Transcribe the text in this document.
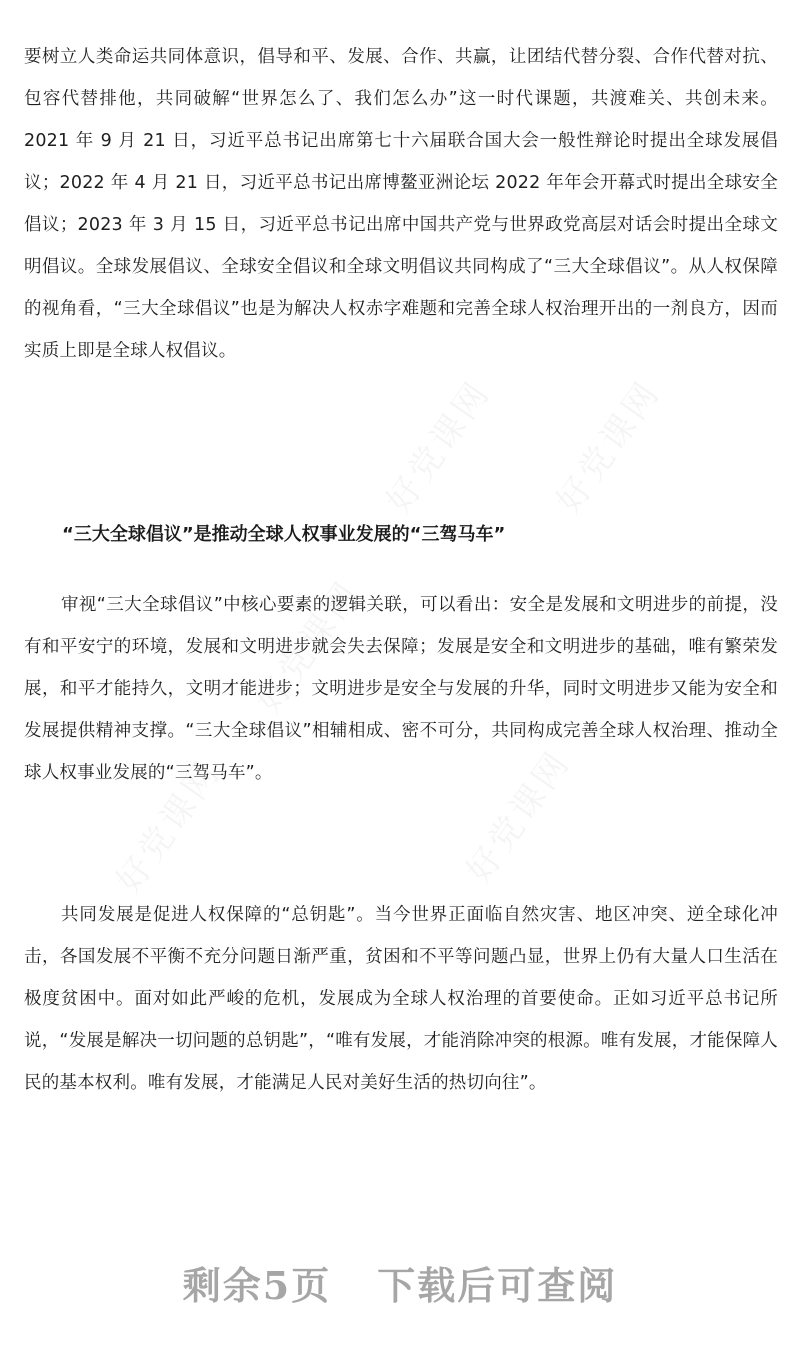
要树立人类命运共同体意识，倡导和平、发展、合作、共赢，让团结代替分裂、合作代替对抗、包容代替排他，共同破解“世界怎么了、我们怎么办”这一时代课题，共渡难关、共创未来。2021 年 9 月 21 日，习近平总书记出席第七十六届联合国大会一般性辩论时提出全球发展倡议；2022 年 4 月 21 日，习近平总书记出席博鳌亚洲论坛 2022 年年会开幕式时提出全球安全倡议；2023 年 3 月 15 日，习近平总书记出席中国共产党与世界政党高层对话会时提出全球文明倡议。全球发展倡议、全球安全倡议和全球文明倡议共同构成了“三大全球倡议”。从人权保障的视角看，“三大全球倡议”也是为解决人权赤字难题和完善全球人权治理开出的一剂良方，因而实质上即是全球人权倡议。

“三大全球倡议”是推动全球人权事业发展的“三驾马车”

审视“三大全球倡议”中核心要素的逻辑关联，可以看出：安全是发展和文明进步的前提，没有和平安宁的环境，发展和文明进步就会失去保障；发展是安全和文明进步的基础，唯有繁荣发展，和平才能持久，文明才能进步；文明进步是安全与发展的升华，同时文明进步又能为安全和发展提供精神支撑。“三大全球倡议”相辅相成、密不可分，共同构成完善全球人权治理、推动全球人权事业发展的“三驾马车”。

共同发展是促进人权保障的“总钥匙”。当今世界正面临自然灾害、地区冲突、逆全球化冲击，各国发展不平衡不充分问题日渐严重，贫困和不平等问题凸显，世界上仍有大量人口生活在极度贫困中。面对如此严峻的危机，发展成为全球人权治理的首要使命。正如习近平总书记所说，“发展是解决一切问题的总钥匙”，“唯有发展，才能消除冲突的根源。唯有发展，才能保障人民的基本权利。唯有发展，才能满足人民对美好生活的热切向往”。

剩余5页 下载后可查阅
